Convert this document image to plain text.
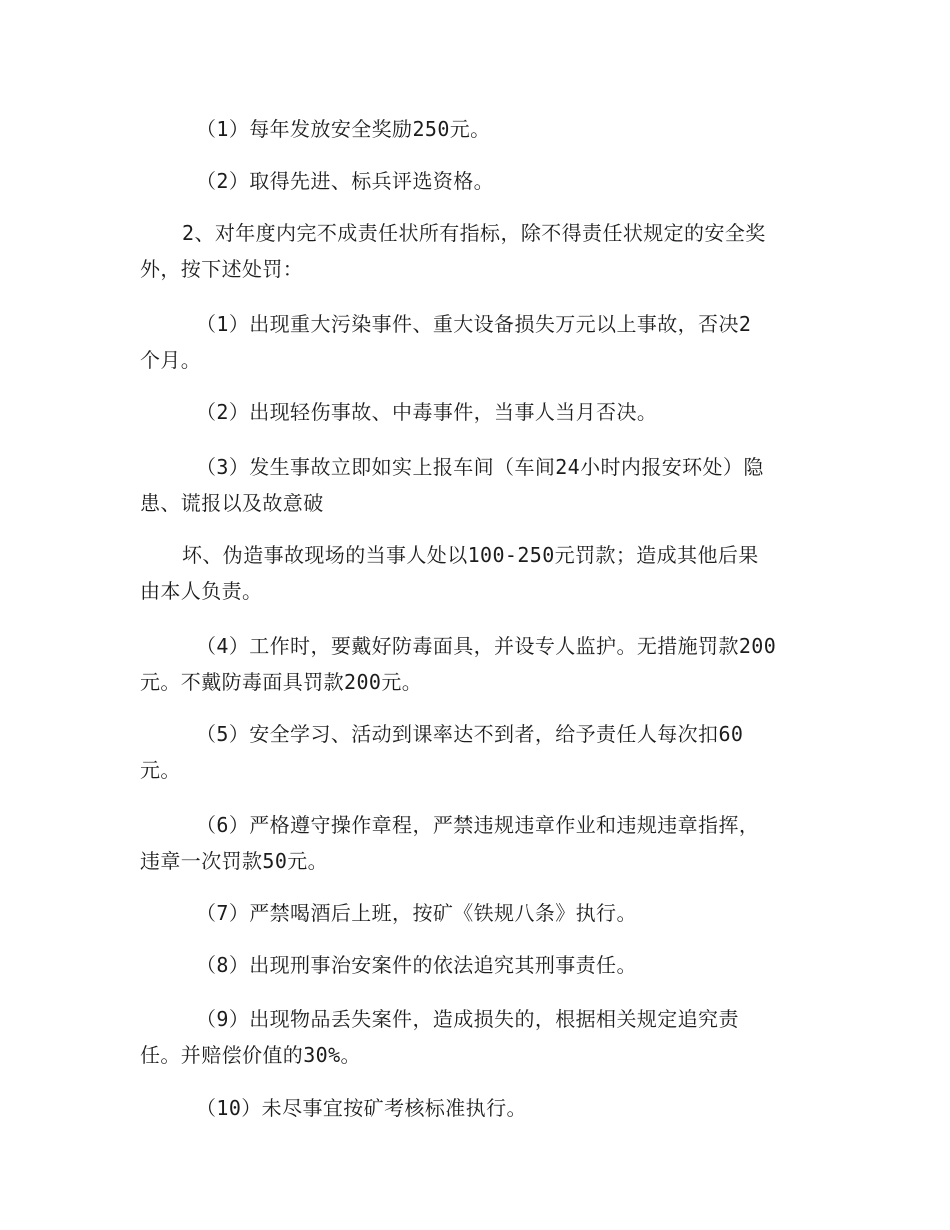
（1）每年发放安全奖励250元。

（2）取得先进、标兵评选资格。

2、对年度内完不成责任状所有指标，除不得责任状规定的安全奖

外，按下述处罚：

（1）出现重大污染事件、重大设备损失万元以上事故，否决2

个月。

（2）出现轻伤事故、中毒事件，当事人当月否决。

（3）发生事故立即如实上报车间（车间24小时内报安环处）隐

患、谎报以及故意破

坏、伪造事故现场的当事人处以100-250元罚款；造成其他后果

由本人负责。

（4）工作时，要戴好防毒面具，并设专人监护。无措施罚款200

元。不戴防毒面具罚款200元。

（5）安全学习、活动到课率达不到者，给予责任人每次扣60

元。

（6）严格遵守操作章程，严禁违规违章作业和违规违章指挥，

违章一次罚款50元。

（7）严禁喝酒后上班，按矿《铁规八条》执行。

（8）出现刑事治安案件的依法追究其刑事责任。

（9）出现物品丢失案件，造成损失的，根据相关规定追究责

任。并赔偿价值的30%。

（10）未尽事宜按矿考核标准执行。
